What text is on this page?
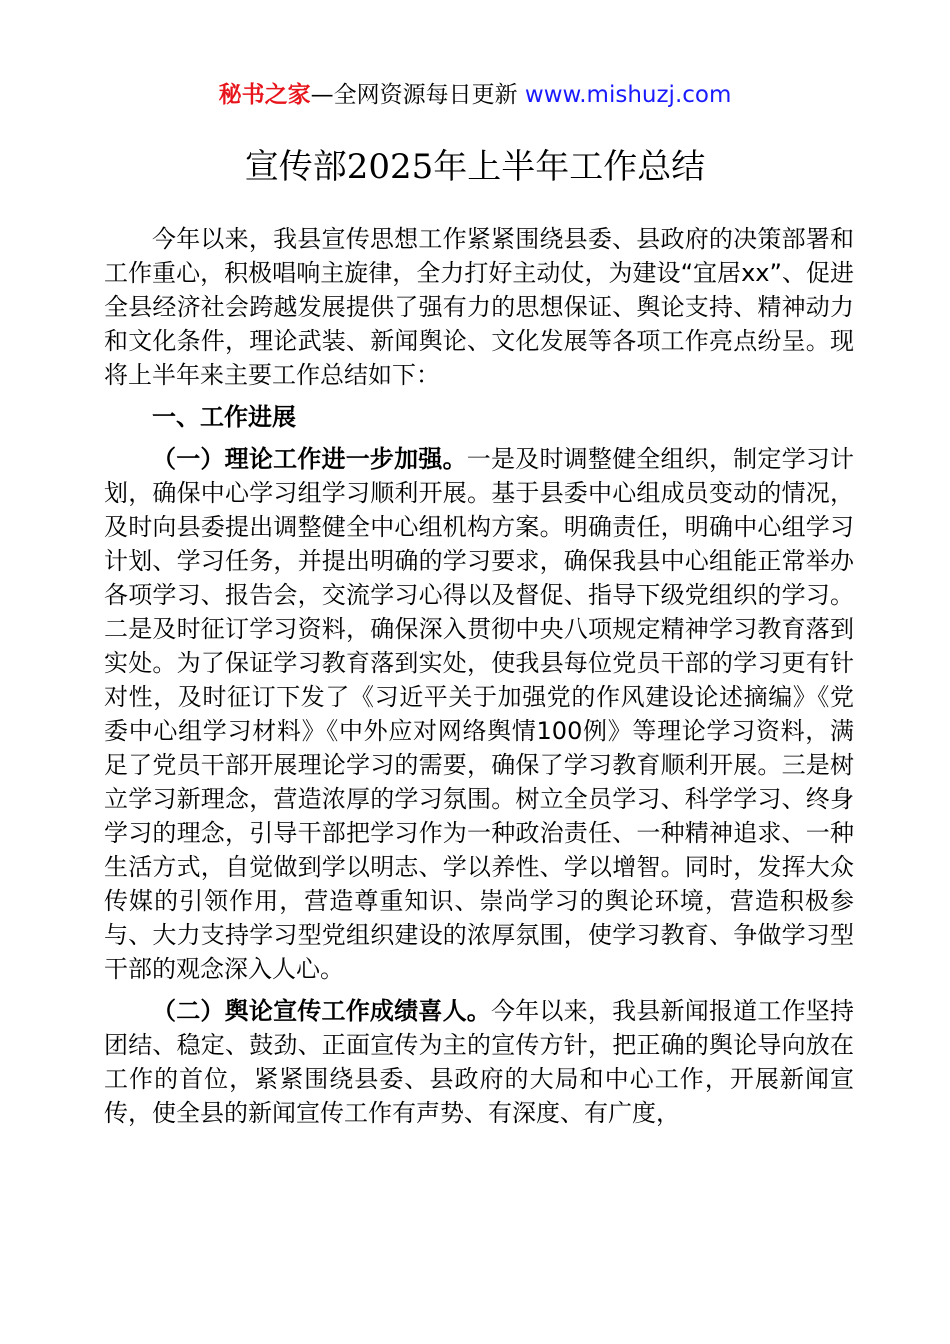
秘书之家—全网资源每日更新 www.mishuzj.com
宣传部2025年上半年工作总结

今年以来，我县宣传思想工作紧紧围绕县委、县政府的决策部署和工作重心，积极唱响主旋律，全力打好主动仗，为建设“宜居xx”、促进全县经济社会跨越发展提供了强有力的思想保证、舆论支持、精神动力和文化条件，理论武装、新闻舆论、文化发展等各项工作亮点纷呈。现将上半年来主要工作总结如下：

一、工作进展

（一）理论工作进一步加强。一是及时调整健全组织，制定学习计划，确保中心学习组学习顺利开展。基于县委中心组成员变动的情况，及时向县委提出调整健全中心组机构方案。明确责任，明确中心组学习计划、学习任务，并提出明确的学习要求，确保我县中心组能正常举办各项学习、报告会，交流学习心得以及督促、指导下级党组织的学习。二是及时征订学习资料，确保深入贯彻中央八项规定精神学习教育落到实处。为了保证学习教育落到实处，使我县每位党员干部的学习更有针对性，及时征订下发了《习近平关于加强党的作风建设论述摘编》《党委中心组学习材料》《中外应对网络舆情100例》等理论学习资料，满足了党员干部开展理论学习的需要，确保了学习教育顺利开展。三是树立学习新理念，营造浓厚的学习氛围。树立全员学习、科学学习、终身学习的理念，引导干部把学习作为一种政治责任、一种精神追求、一种生活方式，自觉做到学以明志、学以养性、学以增智。同时，发挥大众传媒的引领作用，营造尊重知识、崇尚学习的舆论环境，营造积极参与、大力支持学习型党组织建设的浓厚氛围，使学习教育、争做学习型干部的观念深入人心。

（二）舆论宣传工作成绩喜人。今年以来，我县新闻报道工作坚持团结、稳定、鼓劲、正面宣传为主的宣传方针，把正确的舆论导向放在工作的首位，紧紧围绕县委、县政府的大局和中心工作，开展新闻宣传，使全县的新闻宣传工作有声势、有深度、有广度，
